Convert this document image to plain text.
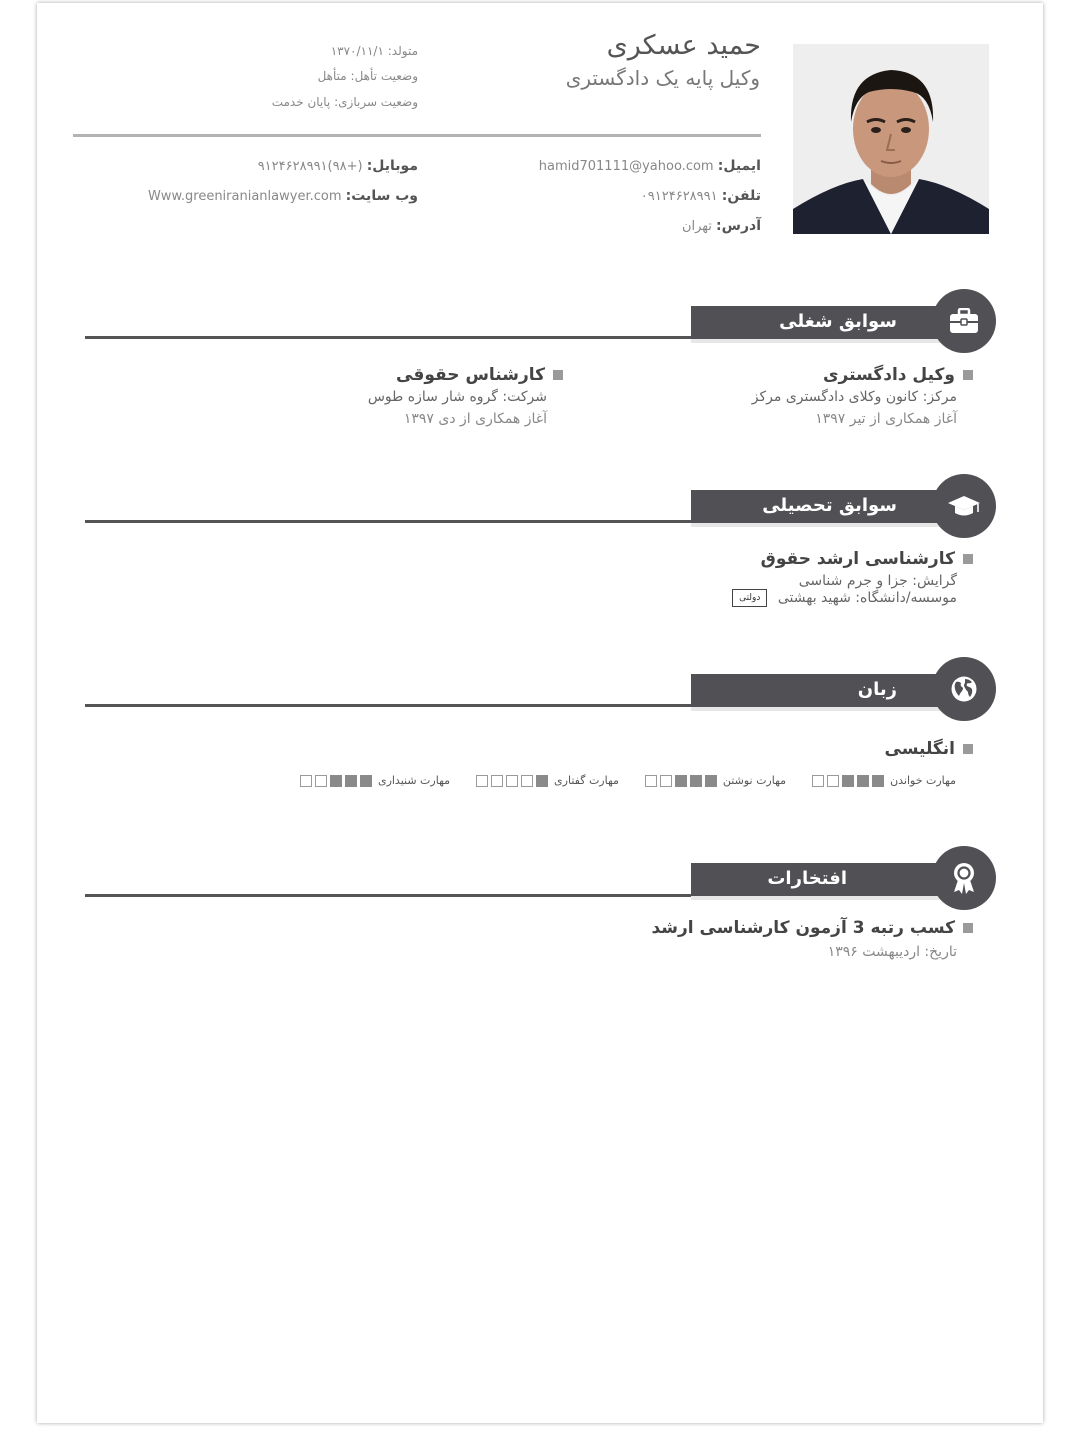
حمید عسکری
وکیل پایه یک دادگستری
متولد: ۱۳۷۰/۱۱/۱
وضعیت تأهل: متأهل
وضعیت سربازی: پایان خدمت
ایمیل: hamid701111@yahoo.com
موبایل: (+۹۸)۹۱۲۴۶۲۸۹۹۱
تلفن: ۰۹۱۲۴۶۲۸۹۹۱
وب سایت: Www.greeniranianlawyer.com
آدرس: تهران
سوابق شغلی
وکیل دادگستری
مرکز: کانون وکلای دادگستری مرکز
آغاز همکاری از تیر ۱۳۹۷
کارشناس حقوقی
شرکت: گروه شار سازه طوس
آغاز همکاری از دی ۱۳۹۷
سوابق تحصیلی
کارشناسی ارشد حقوق
گرایش: جزا و جرم شناسی
موسسه/دانشگاه: شهید بهشتی دولتی
زبان
انگلیسی
مهارت خواندن
مهارت نوشتن
مهارت گفتاری
مهارت شنیداری
افتخارات
کسب رتبه 3 آزمون کارشناسی ارشد
تاریخ: اردیبهشت ۱۳۹۶
